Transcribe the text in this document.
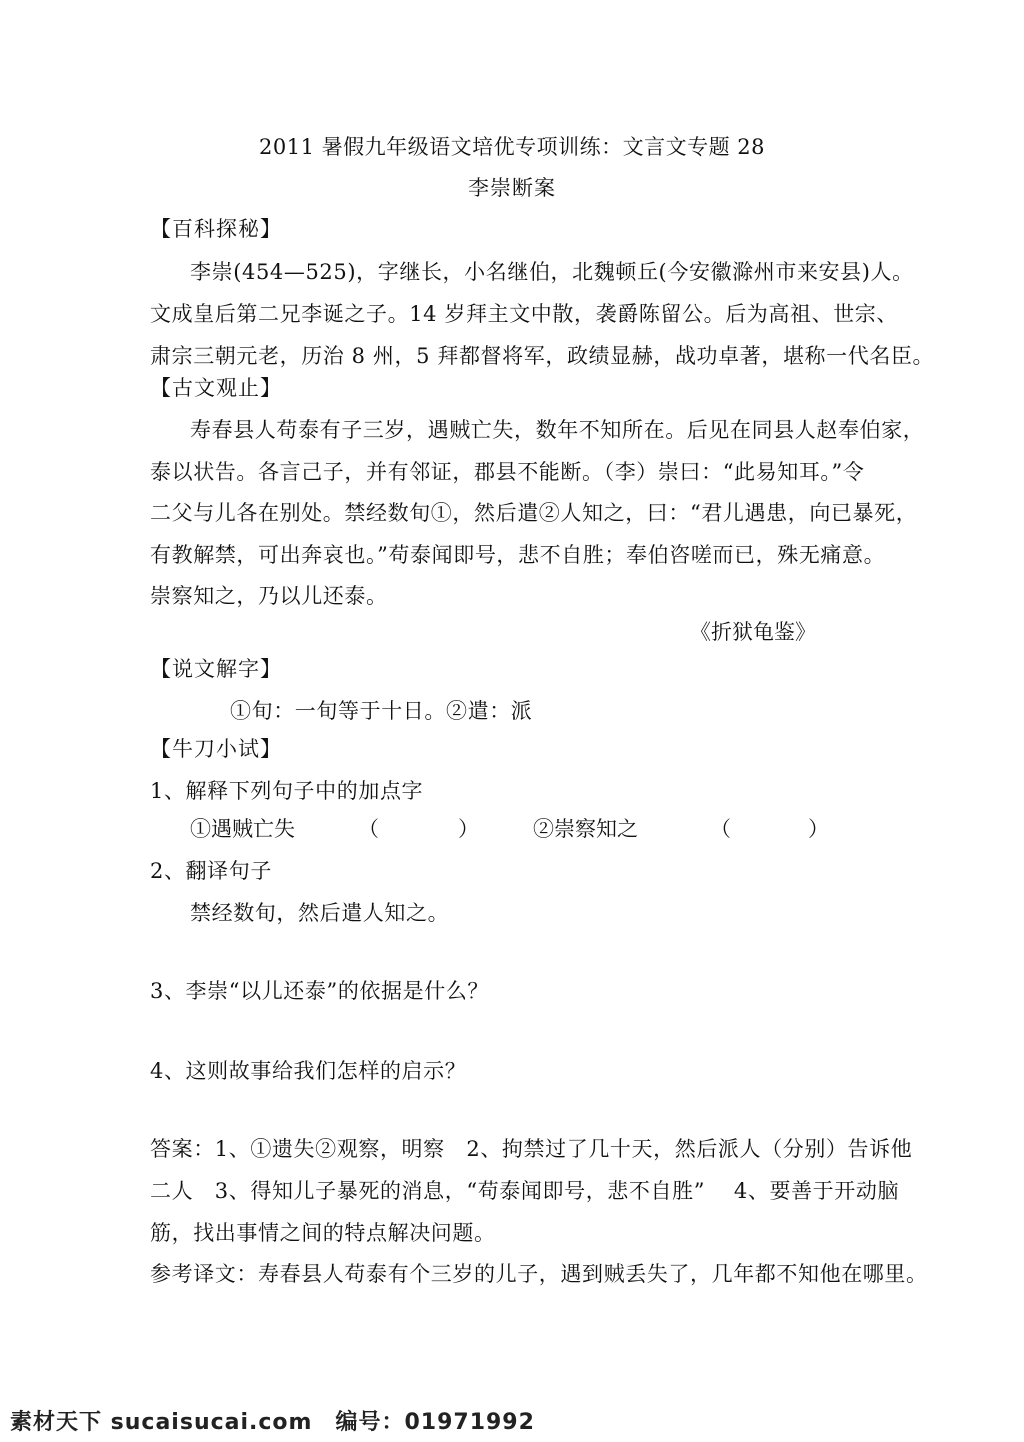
2011 暑假九年级语文培优专项训练：文言文专题 28
李崇断案
【百科探秘】
李崇(454—525)，字继长，小名继伯，北魏顿丘(今安徽滁州市来安县)人。
文成皇后第二兄李诞之子。14 岁拜主文中散，袭爵陈留公。后为高祖、世宗、
肃宗三朝元老，历治 8 州，5 拜都督将军，政绩显赫，战功卓著，堪称一代名臣。
【古文观止】
寿春县人苟泰有子三岁，遇贼亡失，数年不知所在。后见在同县人赵奉伯家，
泰以状告。各言己子，并有邻证，郡县不能断。（李）崇曰：“此易知耳。”令
二父与儿各在别处。禁经数旬①，然后遣②人知之，曰：“君儿遇患，向已暴死，
有教解禁，可出奔哀也。”苟泰闻即号，悲不自胜；奉伯咨嗟而已，殊无痛意。
崇察知之，乃以儿还泰。
《折狱龟鉴》
【说文解字】
①旬：一旬等于十日。②遣：派
【牛刀小试】
1、解释下列句子中的加点字
①遇贼亡失	（	）	②崇察知之	（	）
2、翻译句子
禁经数旬，然后遣人知之。
3、李崇“以儿还泰”的依据是什么？
4、这则故事给我们怎样的启示？
答案：1、①遗失②观察，明察　2、拘禁过了几十天，然后派人（分别）告诉他
二人　3、得知儿子暴死的消息，“苟泰闻即号，悲不自胜”　 4、要善于开动脑
筋，找出事情之间的特点解决问题。
参考译文：寿春县人苟泰有个三岁的儿子，遇到贼丢失了，几年都不知他在哪里。
素材天下 sucaisucai.com　编号：01971992
